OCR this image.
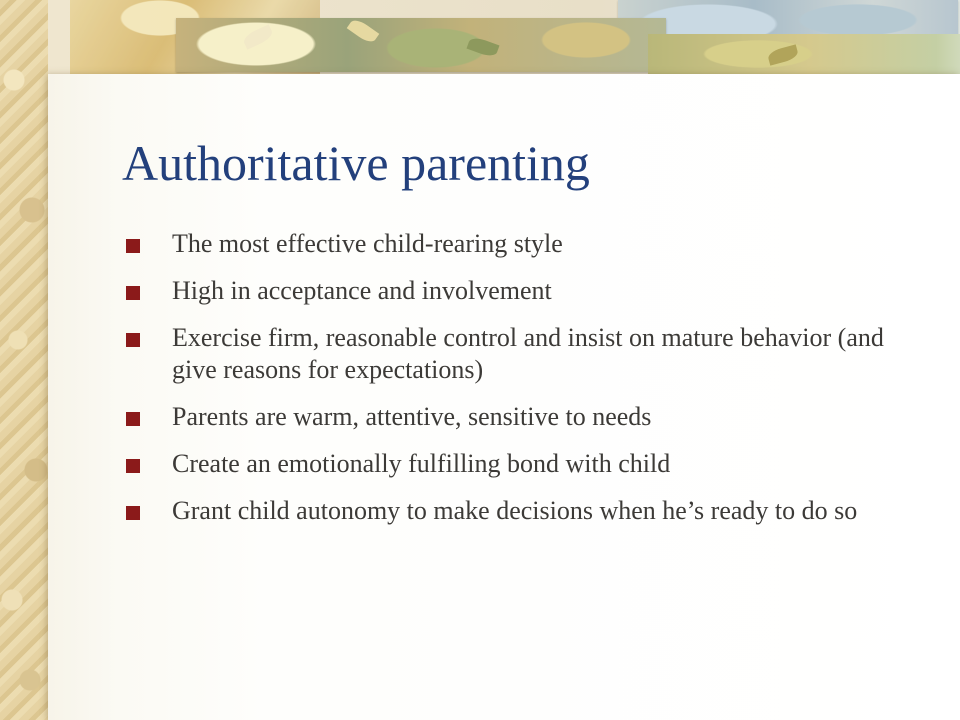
Authoritative parenting
The most effective child-rearing style
High in acceptance and involvement
Exercise firm, reasonable control and insist on mature behavior (and give reasons for expectations)
Parents are warm, attentive, sensitive to needs
Create an emotionally fulfilling bond with child
Grant child autonomy to make decisions when he’s ready to do so
